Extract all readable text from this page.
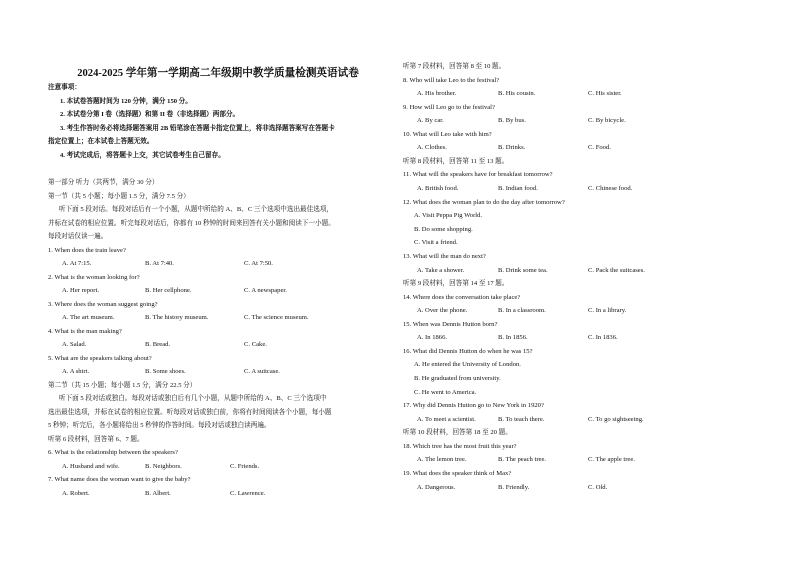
2024-2025 学年第一学期高二年级期中教学质量检测英语试卷
注意事项：
1. 本试卷答题时间为 120 分钟，满分 150 分。
2. 本试卷分第 I 卷（选择题）和第 II 卷（非选择题）两部分。
3. 考生作答时务必将选择题答案用 2B 铅笔涂在答题卡指定位置上，将非选择题答案写在答题卡
指定位置上；在本试卷上答题无效。
4. 考试完成后，将答题卡上交，其它试卷考生自己留存。
第一部分 听力（共两节，满分 30 分）
第一节（共 5 小题；每小题 1.5 分，满分 7.5 分）
听下面 5 段对话。每段对话后有一个小题，从题中所给的 A、B、C 三个选项中选出最佳选项，
并标在试卷的相应位置。听完每段对话后，你都有 10 秒钟的时间来回答有关小题和阅读下一小题。
每段对话仅读一遍。
1. When does the train leave?
A. At 7:15.	B. At 7:40.	C. At 7:50.
2. What is the woman looking for?
A. Her report.	B. Her cellphone.	C. A newspaper.
3. Where does the woman suggest going?
A. The art museum.	B. The history museum.	C. The science museum.
4. What is the man making?
A. Salad.	B. Bread.	C. Cake.
5. What are the speakers talking about?
A. A shirt.	B. Some shoes.	C. A suitcase.
第二节（共 15 小题；每小题 1.5 分，满分 22.5 分）
听下面 5 段对话或独白。每段对话或独白后有几个小题，从题中所给的 A、B、C 三个选项中
选出最佳选项，并标在试卷的相应位置。听每段对话或独白前，你将有时间阅读各个小题，每小题
5 秒钟；听完后，各小题将给出 5 秒钟的作答时间。每段对话或独白读两遍。
听第 6 段材料，回答第 6、7 题。
6. What is the relationship between the speakers?
A. Husband and wife.	B. Neighbors.	C. Friends.
7. What name does the woman want to give the baby?
A. Robert.	B. Albert.	C. Lawrence.
听第 7 段材料，回答第 8 至 10 题。
8. Who will take Leo to the festival?
A. His brother.	B. His cousin.	C. His sister.
9. How will Leo go to the festival?
A. By car.	B. By bus.	C. By bicycle.
10. What will Leo take with him?
A. Clothes.	B. Drinks.	C. Food.
听第 8 段材料，回答第 11 至 13 题。
11. What will the speakers have for breakfast tomorrow?
A. British food.	B. Indian food.	C. Chinese food.
12. What does the woman plan to do the day after tomorrow?
A. Visit Peppa Pig World.
B. Do some shopping.
C. Visit a friend.
13. What will the man do next?
A. Take a shower.	B. Drink some tea.	C. Pack the suitcases.
听第 9 段材料，回答第 14 至 17 题。
14. Where does the conversation take place?
A. Over the phone.	B. In a classroom.	C. In a library.
15. When was Dennis Hutton born?
A. In 1866.	B. In 1856.	C. In 1836.
16. What did Dennis Hutton do when he was 15?
A. He entered the University of London.
B. He graduated from university.
C. He went to America.
17. Why did Dennis Hutton go to New York in 1920?
A. To meet a scientist.	B. To teach there.	C. To go sightseeing.
听第 10 段材料，回答第 18 至 20 题。
18. Which tree has the most fruit this year?
A. The lemon tree.	B. The peach tree.	C. The apple tree.
19. What does the speaker think of Max?
A. Dangerous.	B. Friendly.	C. Old.
